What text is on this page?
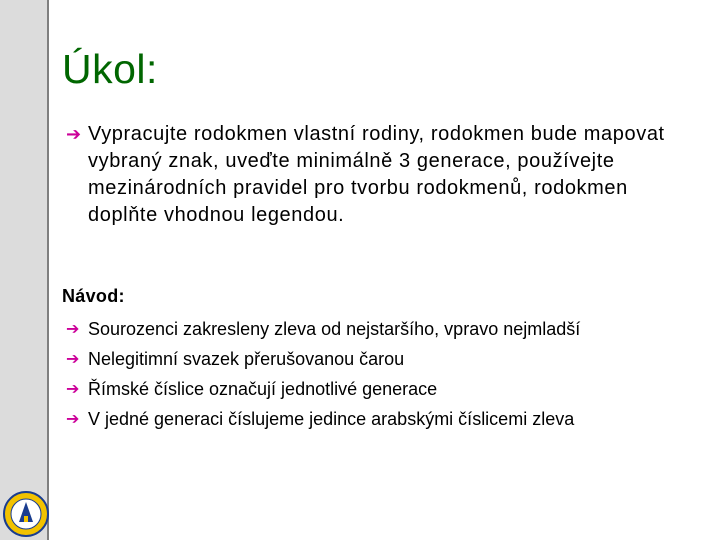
Úkol:
➔ Vypracujte rodokmen vlastní rodiny, rodokmen bude mapovat vybraný znak, uveďte minimálně 3 generace, používejte mezinárodních pravidel pro tvorbu rodokmenů, rodokmen doplňte vhodnou legendou.
Návod:
➔ Sourozenci zakresleny zleva od nejstaršího, vpravo nejmladší
➔ Nelegitimní svazek přerušovanou čarou
➔ Římské číslice označují jednotlivé generace
➔ V jedné generaci číslujeme jedince arabskými číslicemi zleva
